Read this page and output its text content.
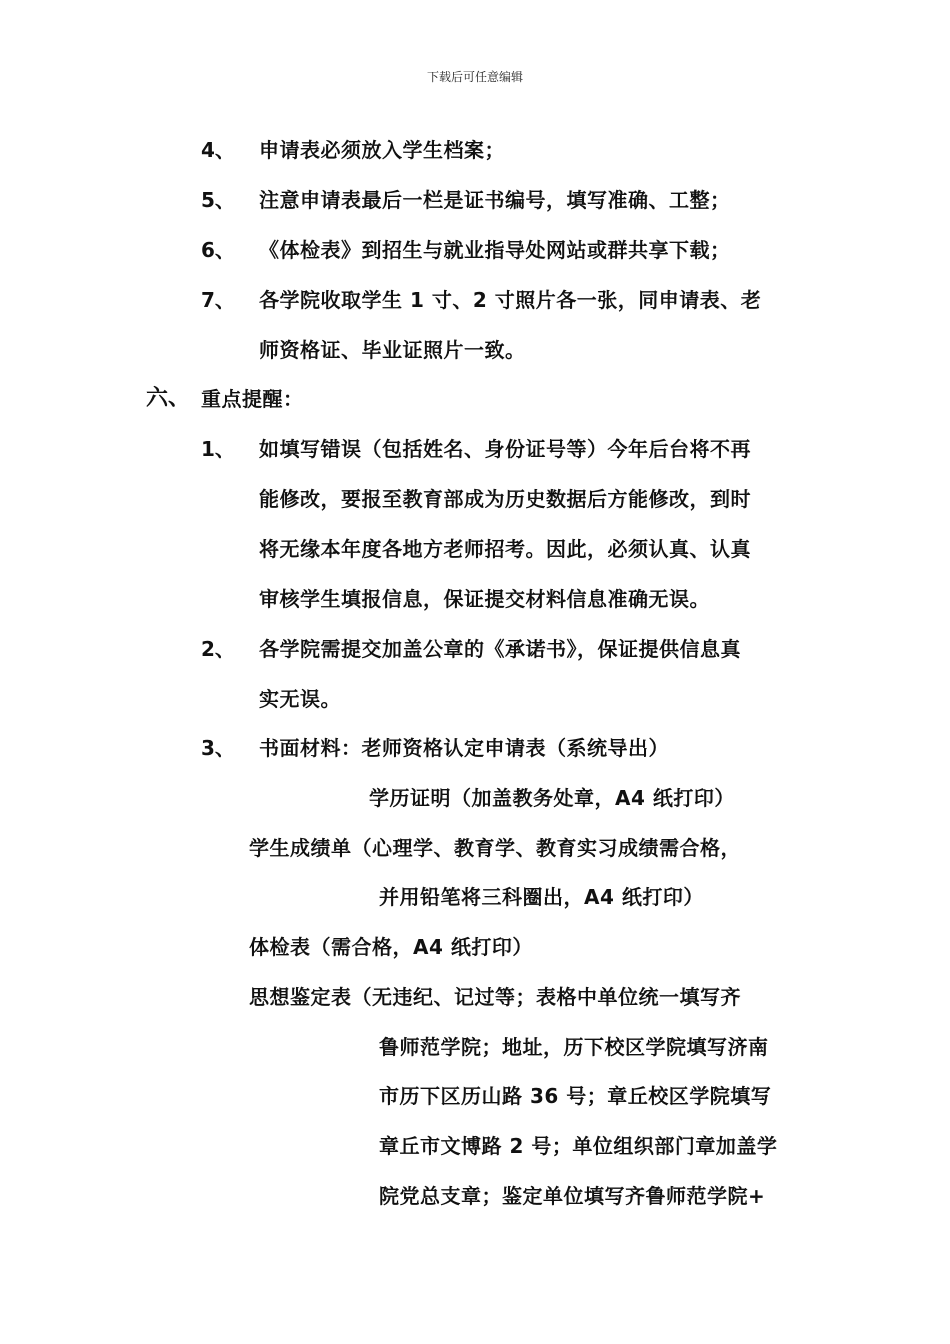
下载后可任意编辑
4、 申请表必须放入学生档案；
5、 注意申请表最后一栏是证书编号，填写准确、工整；
6、 《体检表》到招生与就业指导处网站或群共享下载；
7、 各学院收取学生 1 寸、2 寸照片各一张，同申请表、老
师资格证、毕业证照片一致。
六、 重点提醒：
1、 如填写错误（包括姓名、身份证号等）今年后台将不再
能修改，要报至教育部成为历史数据后方能修改，到时
将无缘本年度各地方老师招考。因此，必须认真、认真
审核学生填报信息，保证提交材料信息准确无误。
2、 各学院需提交加盖公章的《承诺书》，保证提供信息真
实无误。
3、 书面材料：老师资格认定申请表（系统导出）
学历证明（加盖教务处章，A4 纸打印）
学生成绩单（心理学、教育学、教育实习成绩需合格，
并用铅笔将三科圈出，A4 纸打印）
体检表（需合格，A4 纸打印）
思想鉴定表（无违纪、记过等；表格中单位统一填写齐
鲁师范学院；地址，历下校区学院填写济南
市历下区历山路 36 号；章丘校区学院填写
章丘市文博路 2 号；单位组织部门章加盖学
院党总支章；鉴定单位填写齐鲁师范学院+
